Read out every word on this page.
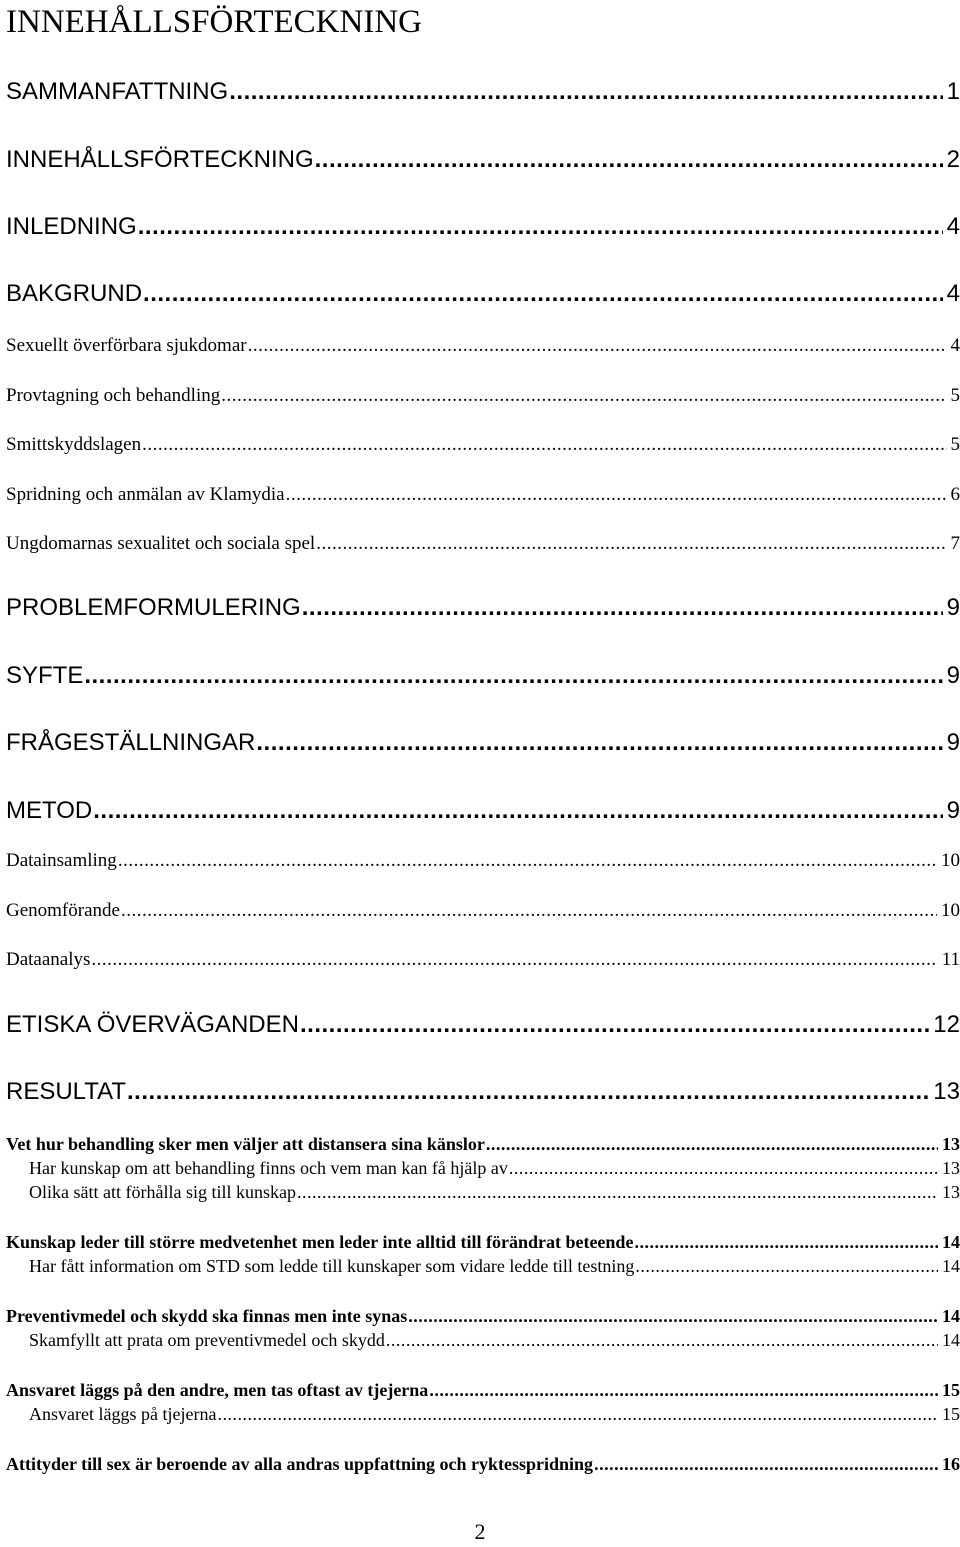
INNEHÅLLSFÖRTECKNING
SAMMANFATTNING .....	1
INNEHÅLLSFÖRTECKNING .....	2
INLEDNING .....	4
BAKGRUND .....	4
Sexuellt överförbara sjukdomar .....	4
Provtagning och behandling .....	5
Smittskyddslagen .....	5
Spridning och anmälan av Klamydia .....	6
Ungdomarnas sexualitet och sociala spel .....	7
PROBLEMFORMULERING .....	9
SYFTE .....	9
FRÅGESTÄLLNINGAR .....	9
METOD .....	9
Datainsamling .....	10
Genomförande .....	10
Dataanalys .....	11
ETISKA ÖVERVÄGANDEN .....	12
RESULTAT .....	13
Vet hur behandling sker men väljer att distansera sina känslor .....	13
Har kunskap om att behandling finns och vem man kan få hjälp av .....	13
Olika sätt att förhålla sig till kunskap .....	13
Kunskap leder till större medvetenhet men leder inte alltid till förändrat beteende .....	14
Har fått information om STD som ledde till kunskaper som vidare ledde till testning .....	14
Preventivmedel och skydd ska finnas men inte synas .....	14
Skamfyllt att prata om preventivmedel och skydd .....	14
Ansvaret läggs på den andre, men tas oftast av tjejerna .....	15
Ansvaret läggs på tjejerna .....	15
Attityder till sex är beroende av alla andras uppfattning och ryktesspridning .....	16
2
